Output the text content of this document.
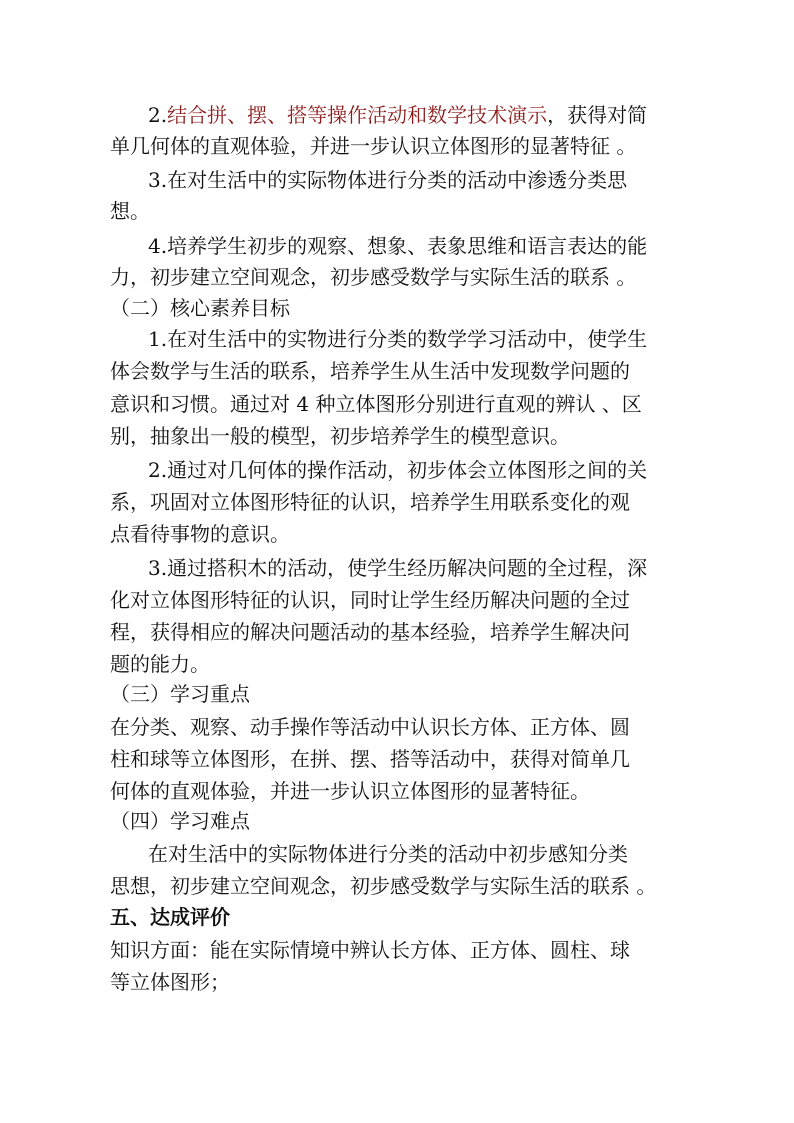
2.结合拼、摆、搭等操作活动和数学技术演示，获得对简
单几何体的直观体验，并进一步认识立体图形的显著特征 。
3.在对生活中的实际物体进行分类的活动中渗透分类思
想。
4.培养学生初步的观察、想象、表象思维和语言表达的能
力，初步建立空间观念，初步感受数学与实际生活的联系 。
（二）核心素养目标
1.在对生活中的实物进行分类的数学学习活动中，使学生
体会数学与生活的联系，培养学生从生活中发现数学问题的
意识和习惯。通过对 4 种立体图形分别进行直观的辨认 、区
别，抽象出一般的模型，初步培养学生的模型意识。
2.通过对几何体的操作活动，初步体会立体图形之间的关
系，巩固对立体图形特征的认识，培养学生用联系变化的观
点看待事物的意识。
3.通过搭积木的活动，使学生经历解决问题的全过程，深
化对立体图形特征的认识，同时让学生经历解决问题的全过
程，获得相应的解决问题活动的基本经验，培养学生解决问
题的能力。
（三）学习重点
在分类、观察、动手操作等活动中认识长方体、正方体、圆
柱和球等立体图形，在拼、摆、搭等活动中，获得对简单几
何体的直观体验，并进一步认识立体图形的显著特征。
（四）学习难点
在对生活中的实际物体进行分类的活动中初步感知分类
思想，初步建立空间观念，初步感受数学与实际生活的联系 。
五、达成评价
知识方面：能在实际情境中辨认长方体、正方体、圆柱、球
等立体图形；
